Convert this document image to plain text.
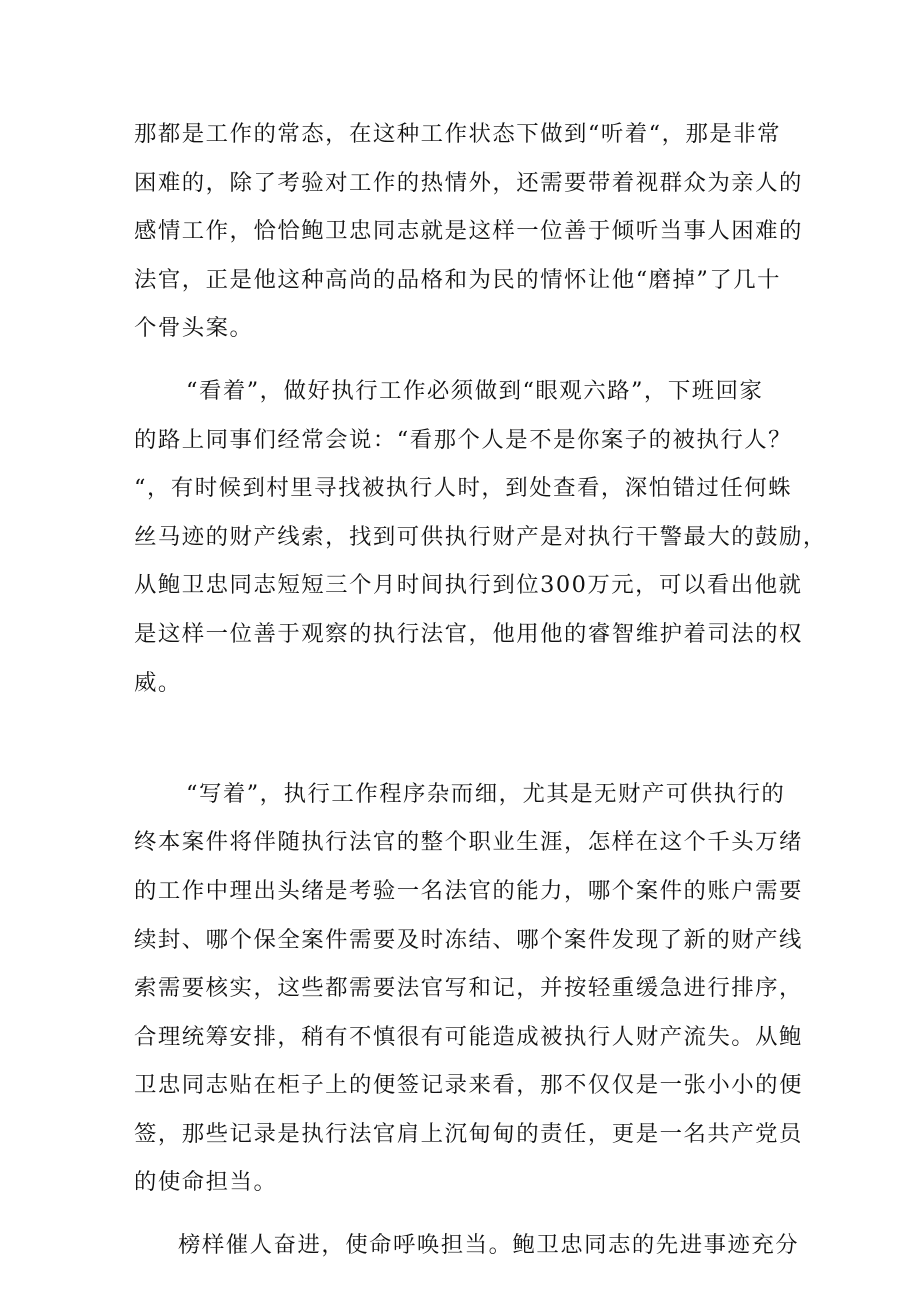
那都是工作的常态，在这种工作状态下做到“听着“，那是非常
困难的，除了考验对工作的热情外，还需要带着视群众为亲人的
感情工作，恰恰鲍卫忠同志就是这样一位善于倾听当事人困难的
法官，正是他这种高尚的品格和为民的情怀让他“磨掉”了几十
个骨头案。
“看着”，做好执行工作必须做到“眼观六路”，下班回家
的路上同事们经常会说：“看那个人是不是你案子的被执行人？
“，有时候到村里寻找被执行人时，到处查看，深怕错过任何蛛
丝马迹的财产线索，找到可供执行财产是对执行干警最大的鼓励，
从鲍卫忠同志短短三个月时间执行到位300万元，可以看出他就
是这样一位善于观察的执行法官，他用他的睿智维护着司法的权
威。
“写着”，执行工作程序杂而细，尤其是无财产可供执行的
终本案件将伴随执行法官的整个职业生涯，怎样在这个千头万绪
的工作中理出头绪是考验一名法官的能力，哪个案件的账户需要
续封、哪个保全案件需要及时冻结、哪个案件发现了新的财产线
索需要核实，这些都需要法官写和记，并按轻重缓急进行排序，
合理统筹安排，稍有不慎很有可能造成被执行人财产流失。从鲍
卫忠同志贴在柜子上的便签记录来看，那不仅仅是一张小小的便
签，那些记录是执行法官肩上沉甸甸的责任，更是一名共产党员
的使命担当。
榜样催人奋进，使命呼唤担当。鲍卫忠同志的先进事迹充分
